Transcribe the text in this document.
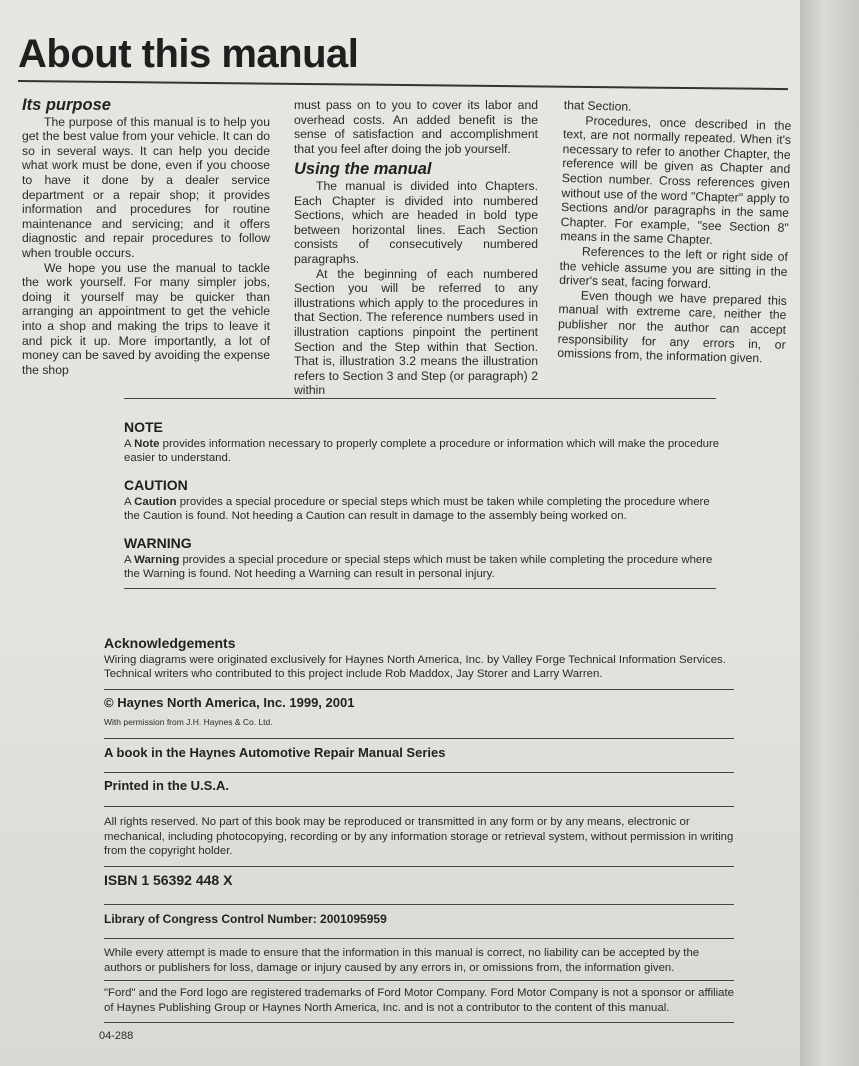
About this manual
Its purpose

The purpose of this manual is to help you get the best value from your vehicle. It can do so in several ways. It can help you decide what work must be done, even if you choose to have it done by a dealer service department or a repair shop; it provides information and procedures for routine maintenance and servicing; and it offers diagnostic and repair procedures to follow when trouble occurs.

We hope you use the manual to tackle the work yourself. For many simpler jobs, doing it yourself may be quicker than arranging an appointment to get the vehicle into a shop and making the trips to leave it and pick it up. More importantly, a lot of money can be saved by avoiding the expense the shop

must pass on to you to cover its labor and overhead costs. An added benefit is the sense of satisfaction and accomplishment that you feel after doing the job yourself.

Using the manual

The manual is divided into Chapters. Each Chapter is divided into numbered Sections, which are headed in bold type between horizontal lines. Each Section consists of consecutively numbered paragraphs.

At the beginning of each numbered Section you will be referred to any illustrations which apply to the procedures in that Section. The reference numbers used in illustration captions pinpoint the pertinent Section and the Step within that Section. That is, illustration 3.2 means the illustration refers to Section 3 and Step (or paragraph) 2 within

that Section.

Procedures, once described in the text, are not normally repeated. When it's necessary to refer to another Chapter, the reference will be given as Chapter and Section number. Cross references given without use of the word "Chapter" apply to Sections and/or paragraphs in the same Chapter. For example, "see Section 8" means in the same Chapter.

References to the left or right side of the vehicle assume you are sitting in the driver's seat, facing forward.

Even though we have prepared this manual with extreme care, neither the publisher nor the author can accept responsibility for any errors in, or omissions from, the information given.

NOTE

A Note provides information necessary to properly complete a procedure or information which will make the procedure easier to understand.

CAUTION

A Caution provides a special procedure or special steps which must be taken while completing the procedure where the Caution is found. Not heeding a Caution can result in damage to the assembly being worked on.

WARNING

A Warning provides a special procedure or special steps which must be taken while completing the procedure where the Warning is found. Not heeding a Warning can result in personal injury.

Acknowledgements

Wiring diagrams were originated exclusively for Haynes North America, Inc. by Valley Forge Technical Information Services. Technical writers who contributed to this project include Rob Maddox, Jay Storer and Larry Warren.

© Haynes North America, Inc. 1999, 2001

With permission from J.H. Haynes & Co. Ltd.

A book in the Haynes Automotive Repair Manual Series

Printed in the U.S.A.

All rights reserved. No part of this book may be reproduced or transmitted in any form or by any means, electronic or mechanical, including photocopying, recording or by any information storage or retrieval system, without permission in writing from the copyright holder.

ISBN 1 56392 448 X

Library of Congress Control Number: 2001095959

While every attempt is made to ensure that the information in this manual is correct, no liability can be accepted by the authors or publishers for loss, damage or injury caused by any errors in, or omissions from, the information given.

"Ford" and the Ford logo are registered trademarks of Ford Motor Company. Ford Motor Company is not a sponsor or affiliate of Haynes Publishing Group or Haynes North America, Inc. and is not a contributor to the content of this manual.

04-288
